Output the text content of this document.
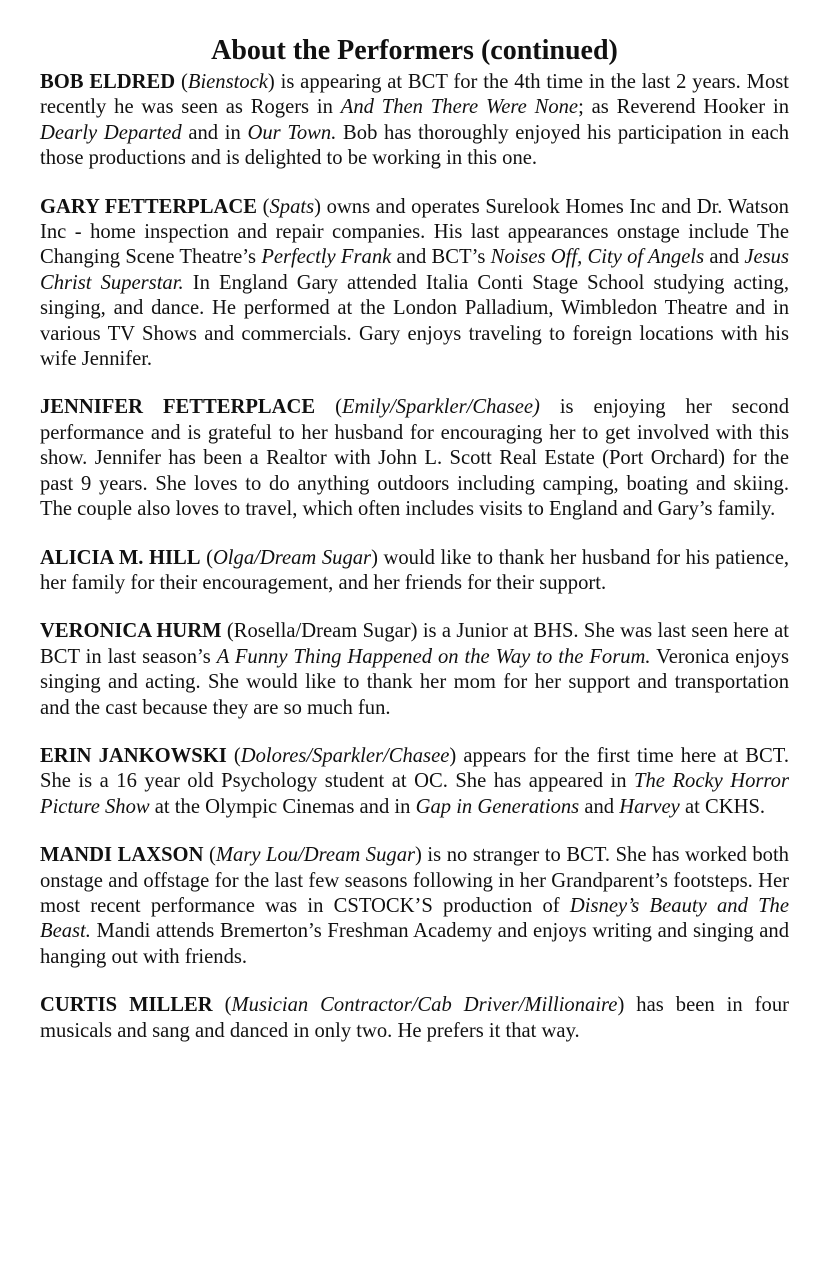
About the Performers (continued)

BOB ELDRED (Bienstock) is appearing at BCT for the 4th time in the last 2 years. Most recently he was seen as Rogers in And Then There Were None; as Reverend Hooker in Dearly Departed and in Our Town. Bob has thoroughly enjoyed his participation in each those productions and is delighted to be working in this one.

GARY FETTERPLACE (Spats) owns and operates Surelook Homes Inc and Dr. Watson Inc - home inspection and repair companies. His last appearances onstage include The Changing Scene Theatre’s Perfectly Frank and BCT’s Noises Off, City of Angels and Jesus Christ Superstar. In England Gary attended Italia Conti Stage School studying acting, singing, and dance. He performed at the London Palladium, Wimbledon Theatre and in various TV Shows and commercials. Gary enjoys traveling to foreign locations with his wife Jennifer.

JENNIFER FETTERPLACE (Emily/Sparkler/Chasee) is enjoying her second performance and is grateful to her husband for encouraging her to get involved with this show. Jennifer has been a Realtor with John L. Scott Real Estate (Port Orchard) for the past 9 years. She loves to do anything outdoors including camping, boating and skiing. The couple also loves to travel, which often includes visits to England and Gary’s family.

ALICIA M. HILL (Olga/Dream Sugar) would like to thank her husband for his patience, her family for their encouragement, and her friends for their support.

VERONICA HURM (Rosella/Dream Sugar) is a Junior at BHS. She was last seen here at BCT in last season’s A Funny Thing Happened on the Way to the Forum. Veronica enjoys singing and acting. She would like to thank her mom for her support and transportation and the cast because they are so much fun.

ERIN JANKOWSKI (Dolores/Sparkler/Chasee) appears for the first time here at BCT. She is a 16 year old Psychology student at OC. She has appeared in The Rocky Horror Picture Show at the Olympic Cinemas and in Gap in Generations and Harvey at CKHS.

MANDI LAXSON (Mary Lou/Dream Sugar) is no stranger to BCT. She has worked both onstage and offstage for the last few seasons following in her Grandparent’s footsteps. Her most recent performance was in CSTOCK’S production of Disney’s Beauty and The Beast. Mandi attends Bremerton’s Freshman Academy and enjoys writing and singing and hanging out with friends.

CURTIS MILLER (Musician Contractor/Cab Driver/Millionaire) has been in four musicals and sang and danced in only two. He prefers it that way.
